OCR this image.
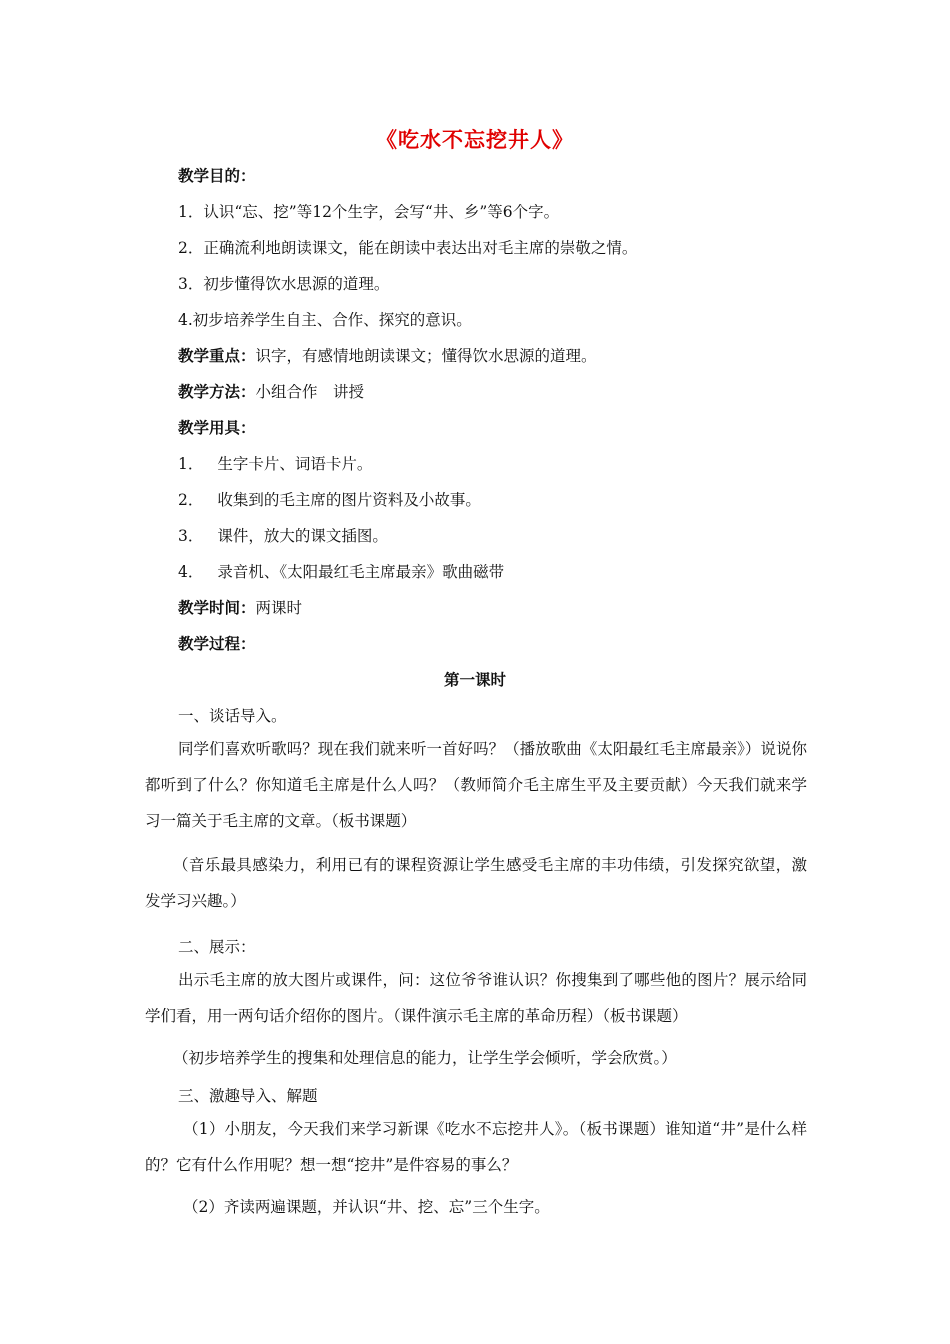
《吃水不忘挖井人》
教学目的：
1．认识“忘、挖”等12个生字，会写“井、乡”等6个字。
2．正确流利地朗读课文，能在朗读中表达出对毛主席的崇敬之情。
3．初步懂得饮水思源的道理。
4.初步培养学生自主、合作、探究的意识。
教学重点：识字，有感情地朗读课文；懂得饮水思源的道理。
教学方法：小组合作　讲授
教学用具：
1． 生字卡片、词语卡片。
2． 收集到的毛主席的图片资料及小故事。
3． 课件，放大的课文插图。
4． 录音机、《太阳最红毛主席最亲》歌曲磁带
教学时间：两课时
教学过程：
第一课时
一、谈话导入。
同学们喜欢听歌吗？现在我们就来听一首好吗？（播放歌曲《太阳最红毛主席最亲》）说说你都听到了什么？你知道毛主席是什么人吗？（教师简介毛主席生平及主要贡献）今天我们就来学习一篇关于毛主席的文章。（板书课题）
（音乐最具感染力，利用已有的课程资源让学生感受毛主席的丰功伟绩，引发探究欲望，激发学习兴趣。）
二、展示：
出示毛主席的放大图片或课件，问：这位爷爷谁认识？你搜集到了哪些他的图片？展示给同学们看，用一两句话介绍你的图片。（课件演示毛主席的革命历程）（板书课题）
（初步培养学生的搜集和处理信息的能力，让学生学会倾听，学会欣赏。）
三、激趣导入、解题
（1）小朋友，今天我们来学习新课《吃水不忘挖井人》。（板书课题）谁知道“井”是什么样的？它有什么作用呢？想一想“挖井”是件容易的事么？
（2）齐读两遍课题，并认识“井、挖、忘”三个生字。
